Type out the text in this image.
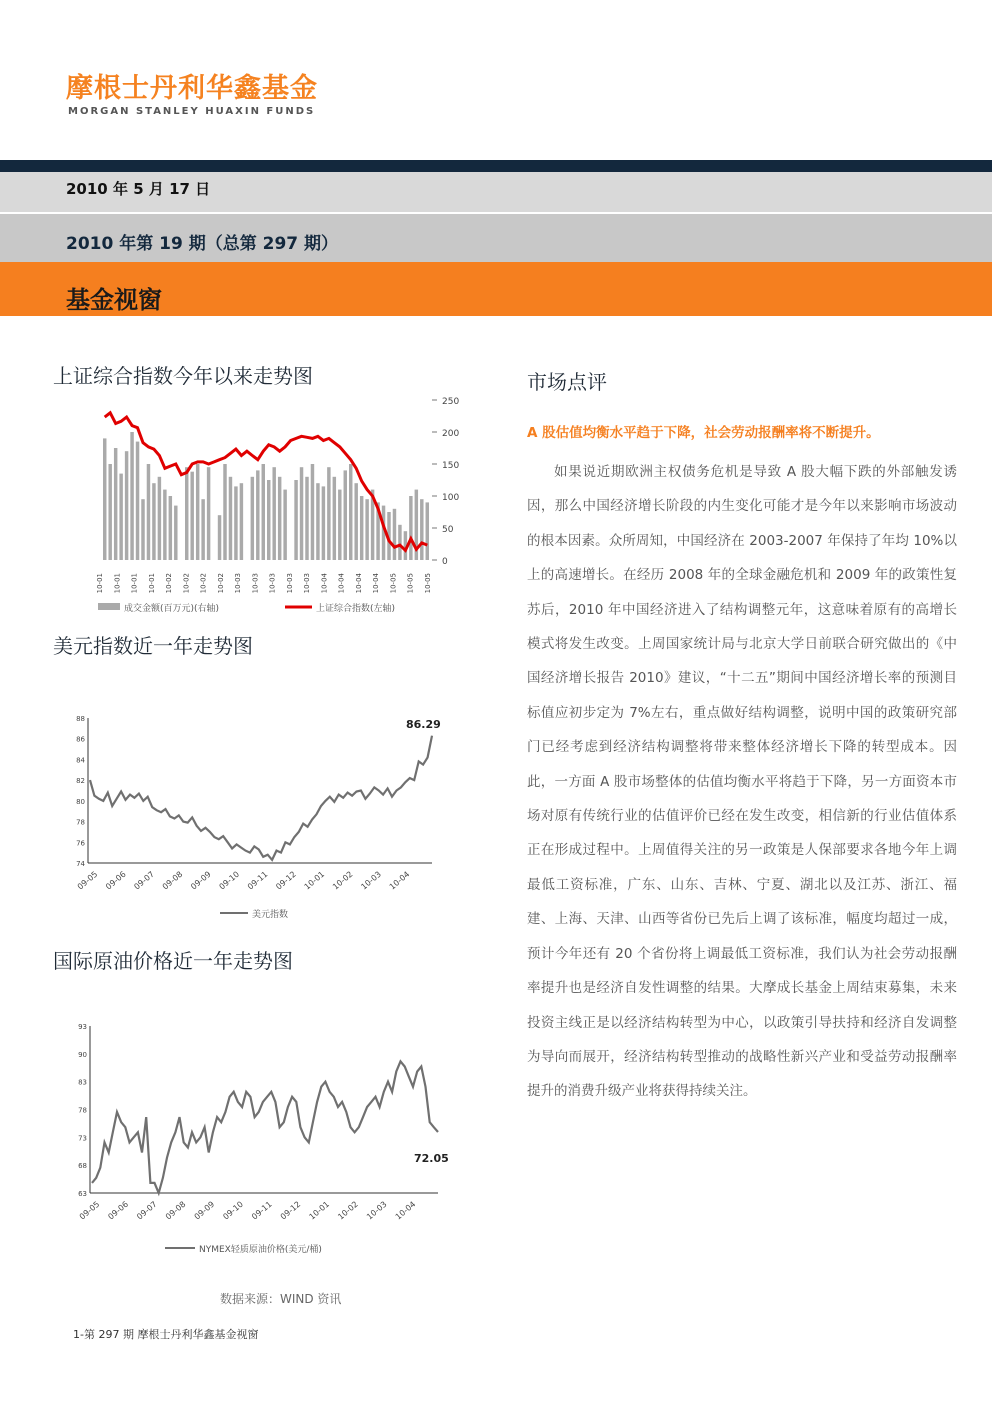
摩根士丹利华鑫基金
MORGAN STANLEY HUAXIN FUNDS
2010 年 5 月 17 日
2010 年第 19 期（总第 297 期）
基金视窗
上证综合指数今年以来走势图
美元指数近一年走势图
国际原油价格近一年走势图
250
200
150
100
50
0
10-01 10-01 10-01 10-01 10-02 10-02 10-02 10-02 10-03 10-03 10-03 10-03 10-03 10-04 10-04 10-04 10-04 10-05 10-05 10-05
成交金额(百万元)(右轴)	上证综合指数(左轴)
88
86
84
82
80
78
76
74
86.29
09-05 09-06 09-07 09-08 09-09 09-10 09-11 09-12 10-01 10-02 10-03 10-04
美元指数
93
90
83
78
73
68
63
72.05
09-05 09-06 09-07 09-08 09-09 09-10 09-11 09-12 10-01 10-02 10-03 10-04
NYMEX轻质原油价格(美元/桶)
市场点评
A 股估值均衡水平趋于下降，社会劳动报酬率将不断提升。

如果说近期欧洲主权债务危机是导致 A 股大幅下跌的外部触发诱因，那么中国经济增长阶段的内生变化可能才是今年以来影响市场波动的根本因素。众所周知，中国经济在 2003-2007 年保持了年均 10%以上的高速增长。在经历 2008 年的全球金融危机和 2009 年的政策性复苏后，2010 年中国经济进入了结构调整元年，这意味着原有的高增长模式将发生改变。上周国家统计局与北京大学日前联合研究做出的《中国经济增长报告 2010》建议，“十二五”期间中国经济增长率的预测目标值应初步定为 7%左右，重点做好结构调整，说明中国的政策研究部门已经考虑到经济结构调整将带来整体经济增长下降的转型成本。因此，一方面 A 股市场整体的估值均衡水平将趋于下降，另一方面资本市场对原有传统行业的估值评价已经在发生改变，相信新的行业估值体系正在形成过程中。上周值得关注的另一政策是人保部要求各地今年上调最低工资标准，广东、山东、吉林、宁夏、湖北以及江苏、浙江、福建、上海、天津、山西等省份已先后上调了该标准，幅度均超过一成，预计今年还有 20 个省份将上调最低工资标准，我们认为社会劳动报酬率提升也是经济自发性调整的结果。大摩成长基金上周结束募集，未来投资主线正是以经济结构转型为中心，以政策引导扶持和经济自发调整为导向而展开，经济结构转型推动的战略性新兴产业和受益劳动报酬率提升的消费升级产业将获得持续关注。

数据来源：WIND 资讯
1-第 297 期 摩根士丹利华鑫基金视窗
